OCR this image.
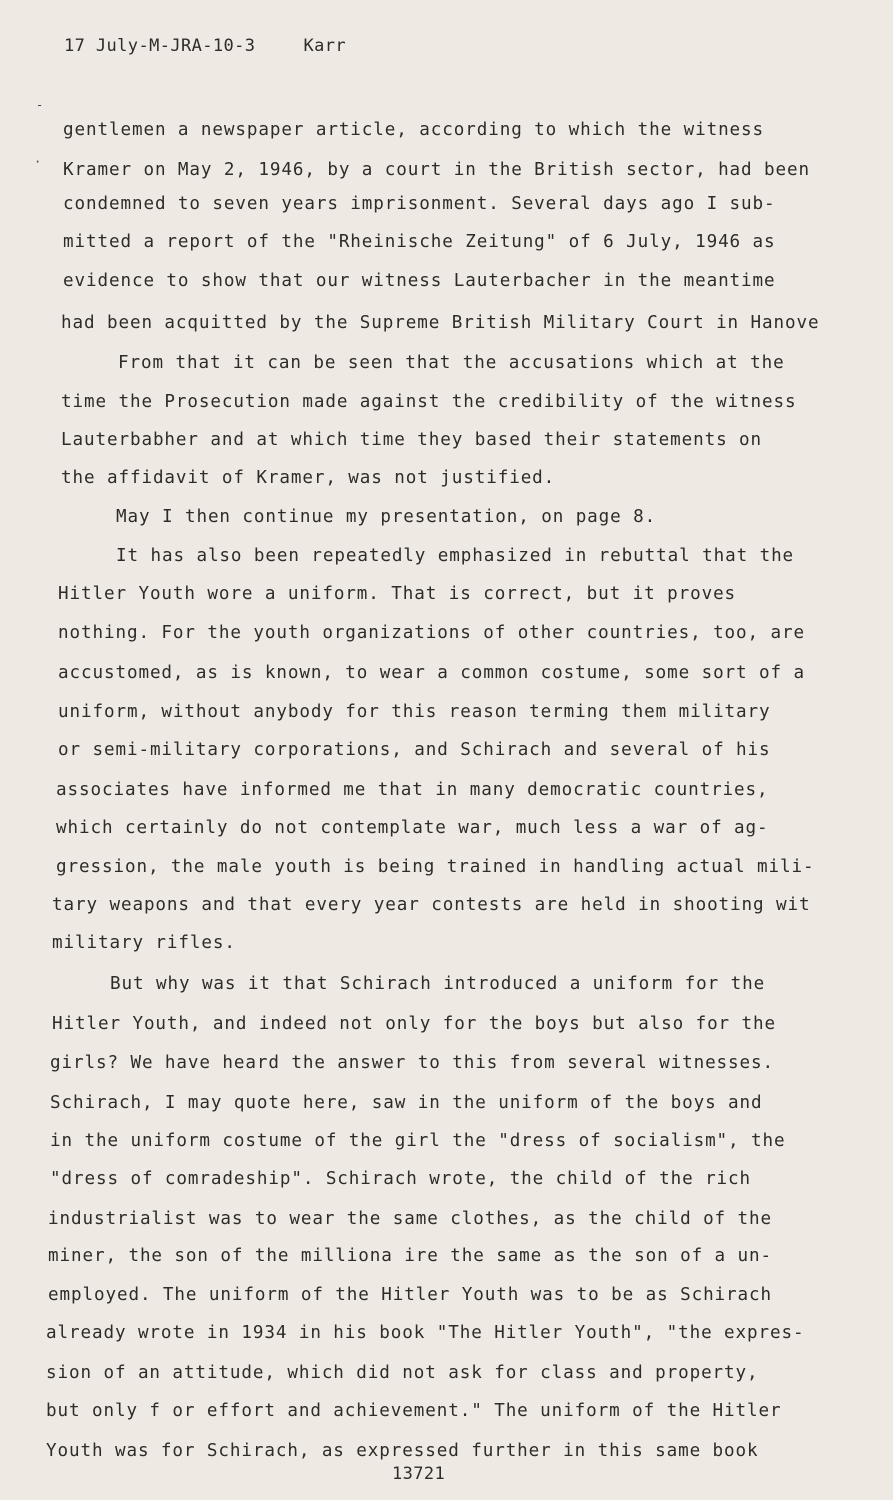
17 July-M-JRA-10-3	Karr
-
·
gentlemen a newspaper article, according to which the witness
Kramer on May 2, 1946, by a court in the British sector, had been
condemned to seven years imprisonment. Several days ago I sub-
mitted a report of the "Rheinische Zeitung" of 6 July, 1946 as
evidence to show that our witness Lauterbacher in the meantime
had been acquitted by the Supreme British Military Court in Hanove
From that it can be seen that the accusations which at the
time the Prosecution made against the credibility of the witness
Lauterbabher and at which time they based their statements on
the affidavit of Kramer, was not justified.
May I then continue my presentation, on page 8.
It has also been repeatedly emphasized in rebuttal that the
Hitler Youth wore a uniform. That is correct, but it proves
nothing. For the youth organizations of other countries, too, are
accustomed, as is known, to wear a common costume, some sort of a
uniform, without anybody for this reason terming them military
or semi-military corporations, and Schirach and several of his
associates have informed me that in many democratic countries,
which certainly do not contemplate war, much less a war of ag-
gression, the male youth is being trained in handling actual mili-
tary weapons and that every year contests are held in shooting wit
military rifles.
But why was it that Schirach introduced a uniform for the
Hitler Youth, and indeed not only for the boys but also for the
girls? We have heard the answer to this from several witnesses.
Schirach, I may quote here, saw in the uniform of the boys and
in the uniform costume of the girl the "dress of socialism", the
"dress of comradeship". Schirach wrote, the child of the rich
industrialist was to wear the same clothes, as the child of the
miner, the son of the milliona ire the same as the son of a un-
employed. The uniform of the Hitler Youth was to be as Schirach
already wrote in 1934 in his book "The Hitler Youth", "the expres-
sion of an attitude, which did not ask for class and property,
but only f or effort and achievement." The uniform of the Hitler
Youth was for Schirach, as expressed further in this same book
13721
